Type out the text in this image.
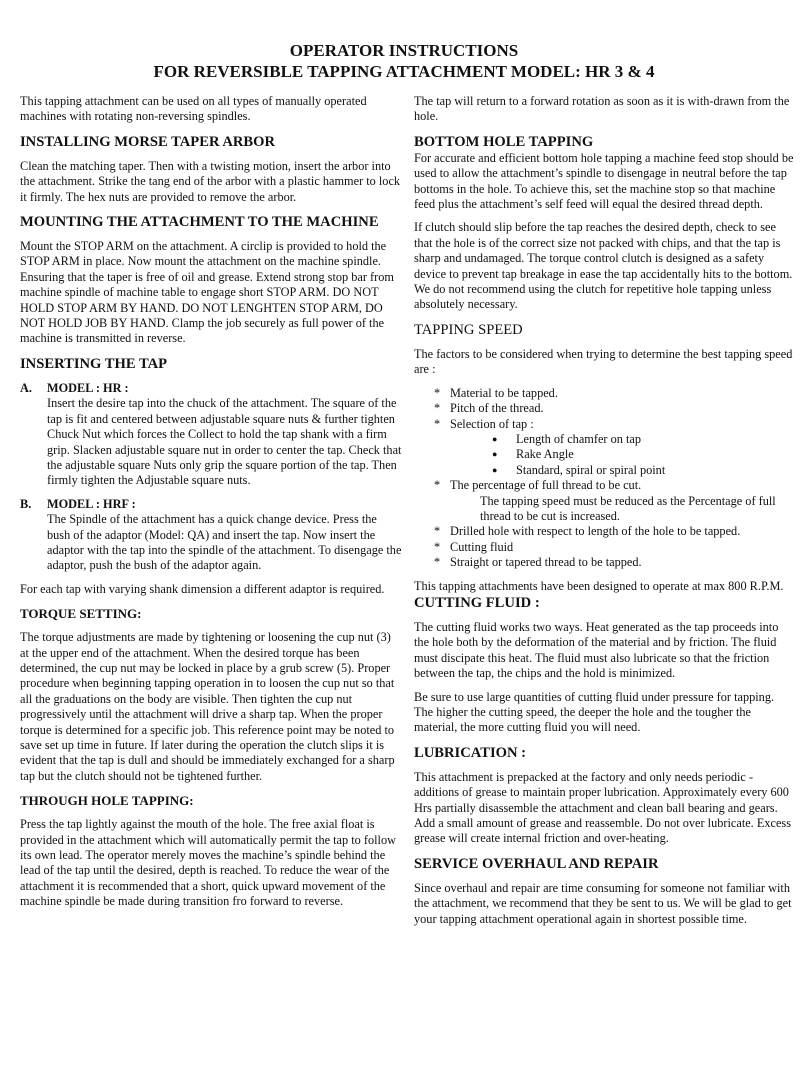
OPERATOR INSTRUCTIONS
FOR REVERSIBLE TAPPING ATTACHMENT MODEL: HR 3 & 4

This tapping attachment can be used on all types of manually operated machines with rotating non-reversing spindles.

INSTALLING MORSE TAPER ARBOR

Clean the matching taper. Then with a twisting motion, insert the arbor into the attachment. Strike the tang end of the arbor with a plastic hammer to lock it firmly. The hex nuts are provided to remove the arbor.

MOUNTING THE ATTACHMENT TO THE MACHINE

Mount the STOP ARM on the attachment. A circlip is provided to hold the STOP ARM in place. Now mount the attachment on the machine spindle. Ensuring that the taper is free of oil and grease. Extend strong stop bar from machine spindle of machine table to engage short STOP ARM. DO NOT HOLD STOP ARM BY HAND. DO NOT LENGHTEN STOP ARM, DO NOT HOLD JOB BY HAND. Clamp the job securely as full power of the machine is transmitted in reverse.

INSERTING THE TAP
A.	MODEL : HR :
Insert the desire tap into the chuck of the attachment. The square of the tap is fit and centered between adjustable square nuts & further tighten Chuck Nut which forces the Collect to hold the tap shank with a firm grip. Slacken adjustable square nut in order to center the tap. Check that the adjustable square Nuts only grip the square portion of the tap. Then firmly tighten the Adjustable square nuts.
B.	MODEL : HRF :
The Spindle of the attachment has a quick change device. Press the bush of the adaptor (Model: QA) and insert the tap. Now insert the adaptor with the tap into the spindle of the attachment. To disengage the adaptor, push the bush of the adaptor again.

For each tap with varying shank dimension a different adaptor is required.

TORQUE SETTING:

The torque adjustments are made by tightening or loosening the cup nut (3) at the upper end of the attachment. When the desired torque has been determined, the cup nut may be locked in place by a grub screw (5). Proper procedure when beginning tapping operation in to loosen the cup nut so that all the graduations on the body are visible. Then tighten the cup nut progressively until the attachment will drive a sharp tap. When the proper torque is determined for a specific job. This reference point may be noted to save set up time in future. If later during the operation the clutch slips it is evident that the tap is dull and should be immediately exchanged for a sharp tap but the clutch should not be tightened further.

THROUGH HOLE TAPPING:

Press the tap lightly against the mouth of the hole. The free axial float is provided in the attachment which will automatically permit the tap to follow its own lead. The operator merely moves the machine’s spindle behind the lead of the tap until the desired, depth is reached. To reduce the wear of the attachment it is recommended that a short, quick upward movement of the machine spindle be made during transition fro forward to reverse.

The tap will return to a forward rotation as soon as it is with-drawn from the hole.

BOTTOM HOLE TAPPING

For accurate and efficient bottom hole tapping a machine feed stop should be used to allow the attachment’s spindle to disengage in neutral before the tap bottoms in the hole. To achieve this, set the machine stop so that machine feed plus the attachment’s self feed will equal the desired thread depth.

If clutch should slip before the tap reaches the desired depth, check to see that the hole is of the correct size not packed with chips, and that the tap is sharp and undamaged. The torque control clutch is designed as a safety device to prevent tap breakage in ease the tap accidentally hits to the bottom. We do not recommend using the clutch for repetitive hole tapping unless absolutely necessary.

TAPPING SPEED

The factors to be considered when trying to determine the best tapping speed are :

* Material to be tapped.
* Pitch of the thread.
* Selection of tap :
● Length of chamfer on tap
● Rake Angle
● Standard, spiral or spiral point
* The percentage of full thread to be cut.
The tapping speed must be reduced as the Percentage of full thread to be cut is increased.
* Drilled hole with respect to length of the hole to be tapped.
* Cutting fluid
* Straight or tapered thread to be tapped.

This tapping attachments have been designed to operate at max 800 R.P.M.

CUTTING FLUID :

The cutting fluid works two ways. Heat generated as the tap proceeds into the hole both by the deformation of the material and by friction. The fluid must discipate this heat. The fluid must also lubricate so that the friction between the tap, the chips and the hold is minimized.

Be sure to use large quantities of cutting fluid under pressure for tapping. The higher the cutting speed, the deeper the hole and the tougher the material, the more cutting fluid you will need.

LUBRICATION :

This attachment is prepacked at the factory and only needs periodic - additions of grease to maintain proper lubrication. Approximately every 600 Hrs partially disassemble the attachment and clean ball bearing and gears. Add a small amount of grease and reassemble. Do not over lubricate. Excess grease will create internal friction and over-heating.

SERVICE OVERHAUL AND REPAIR

Since overhaul and repair are time consuming for someone not familiar with the attachment, we recommend that they be sent to us. We will be glad to get your tapping attachment operational again in shortest possible time.
